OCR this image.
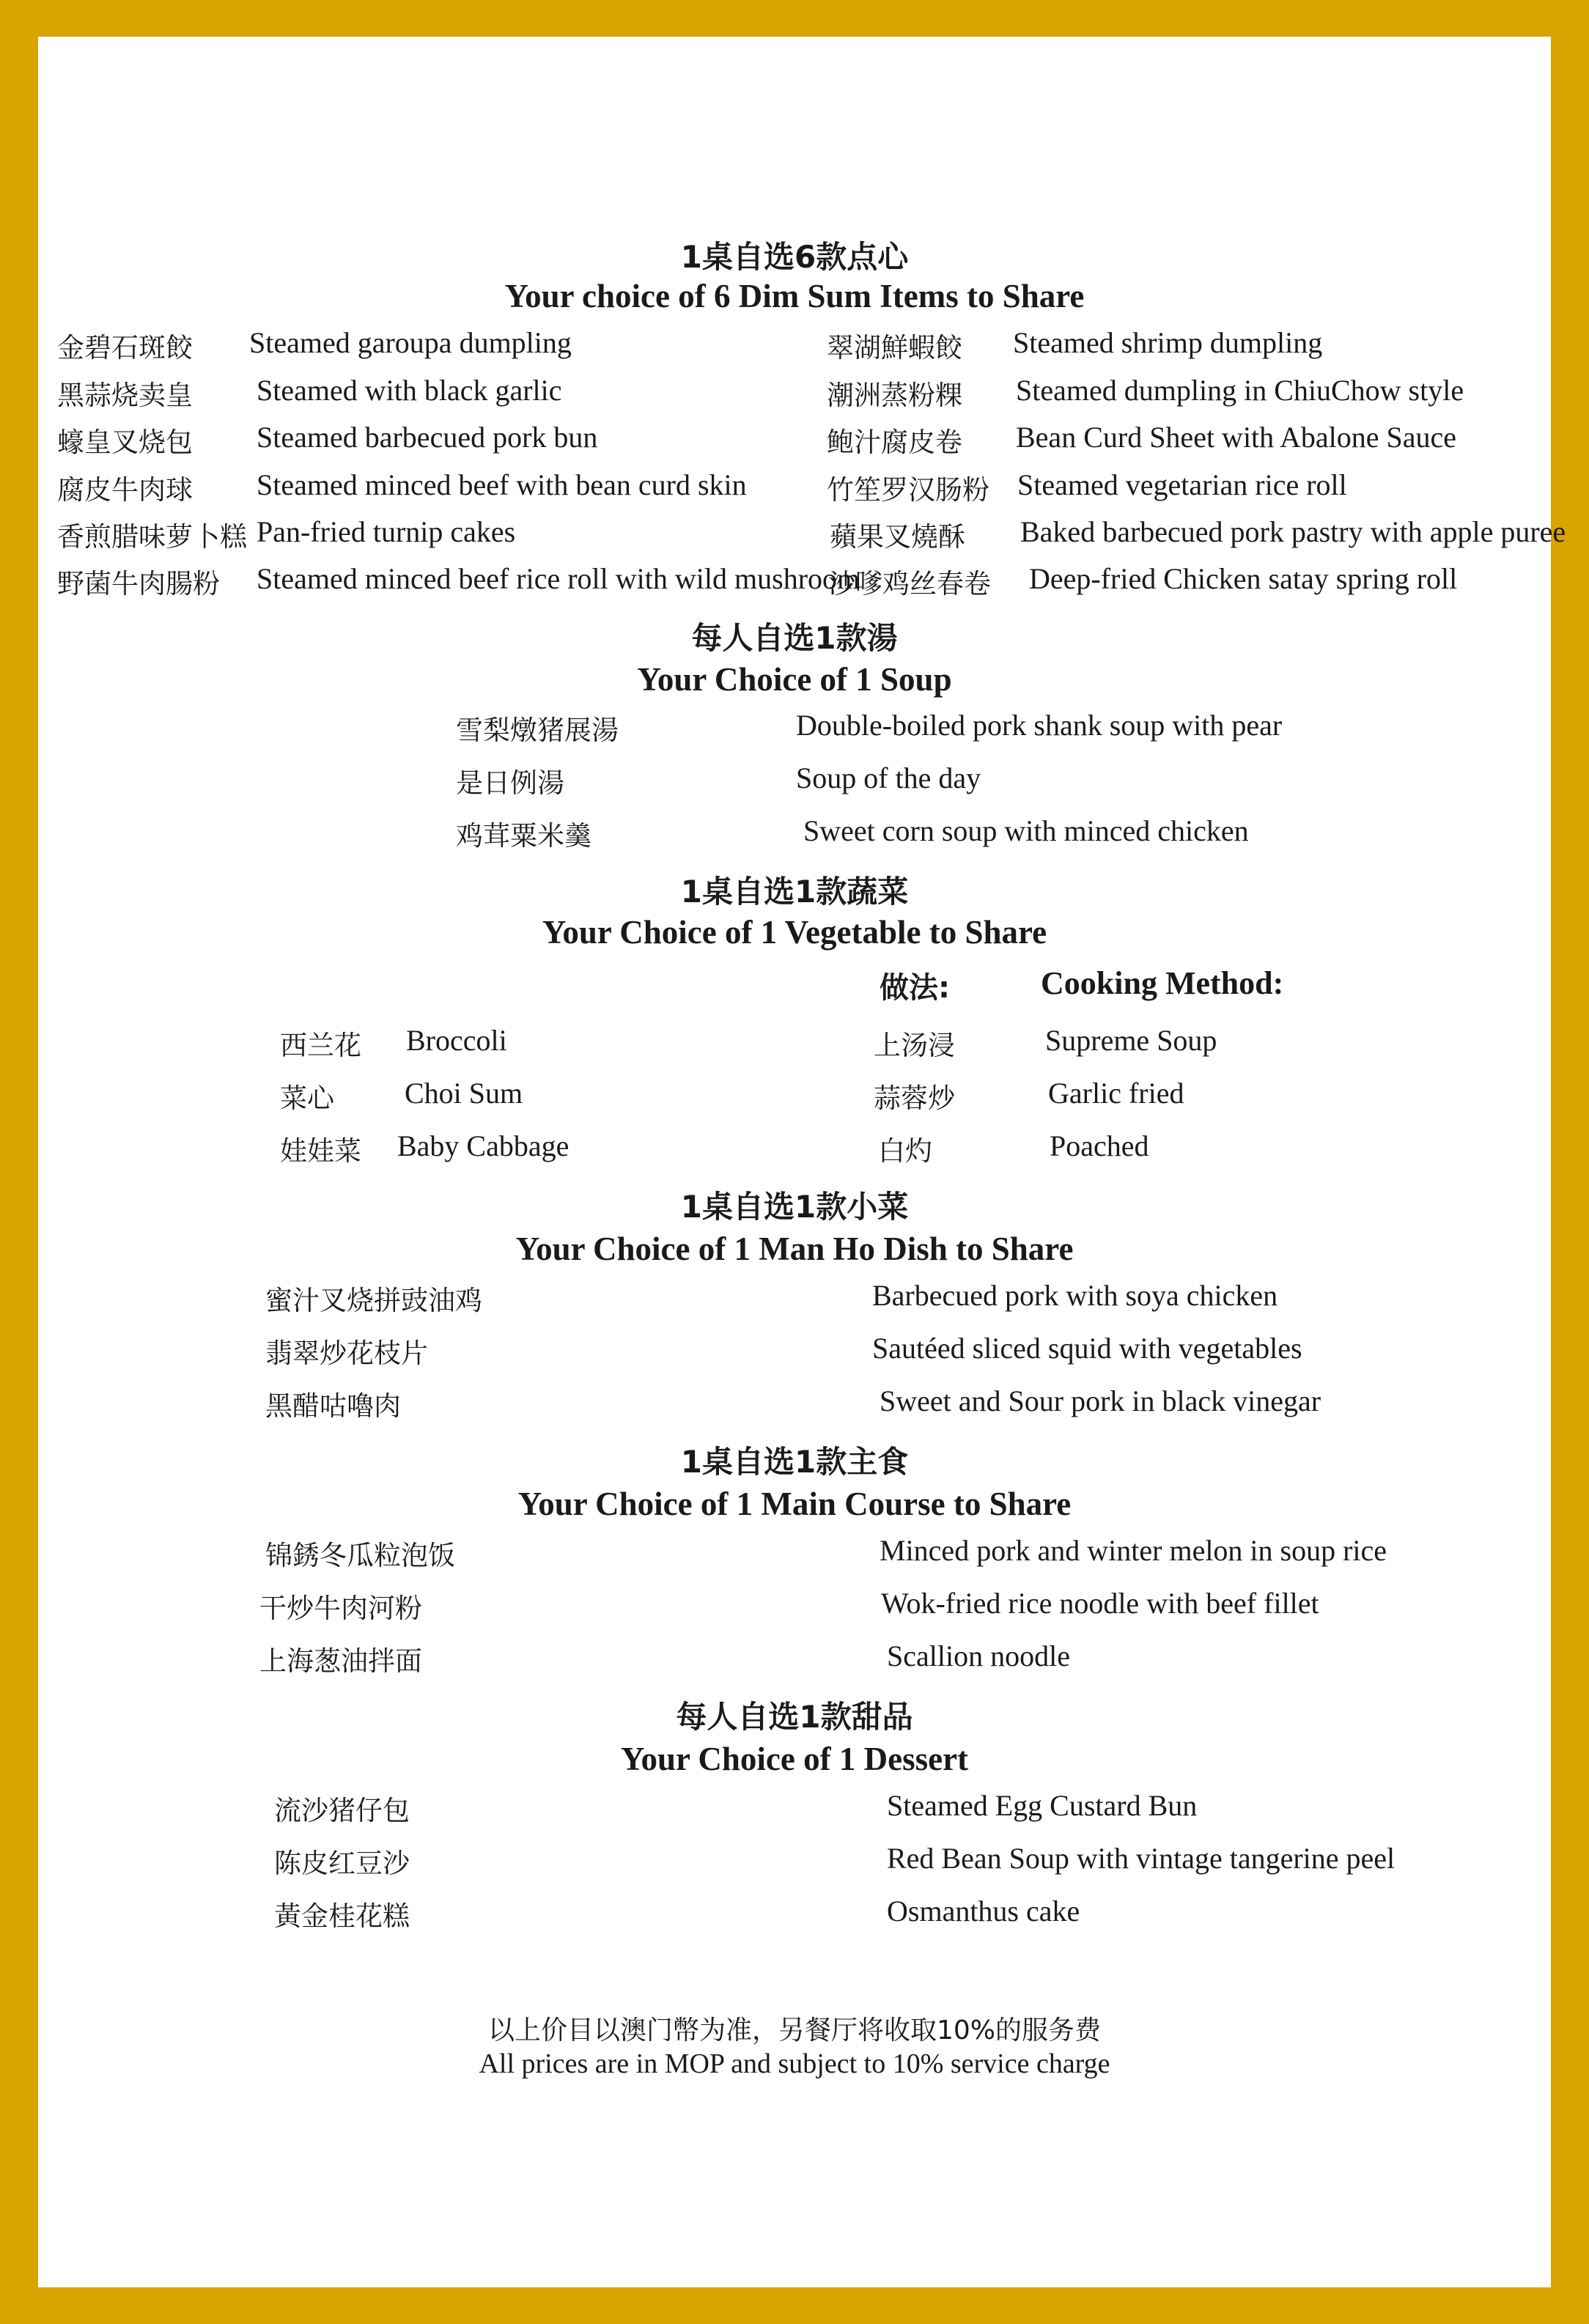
1桌自选6款点心
Your choice of 6 Dim Sum Items to Share
金碧石斑餃 Steamed garoupa dumpling
黑蒜烧卖皇 Steamed with black garlic
蠔皇叉烧包 Steamed barbecued pork bun
腐皮牛肉球 Steamed minced beef with bean curd skin
香煎腊味萝卜糕 Pan-fried turnip cakes
野菌牛肉腸粉 Steamed minced beef rice roll with wild mushroom
翠湖鮮蝦餃 Steamed shrimp dumpling
潮洲蒸粉粿 Steamed dumpling in ChiuChow style
鲍汁腐皮卷 Bean Curd Sheet with Abalone Sauce
竹笙罗汉肠粉 Steamed vegetarian rice roll
蘋果叉燒酥 Baked barbecued pork pastry with apple puree
沙嗲鸡丝春卷 Deep-fried Chicken satay spring roll
每人自选1款湯
Your Choice of 1 Soup
雪梨燉猪展湯	Double-boiled pork shank soup with pear
是日例湯	Soup of the day
鸡茸粟米羹	Sweet corn soup with minced chicken
1桌自选1款蔬菜
Your Choice of 1 Vegetable to Share
做法:	Cooking Method:
西兰花 Broccoli
菜心 Choi Sum
娃娃菜 Baby Cabbage
上汤浸	Supreme Soup
蒜蓉炒	Garlic fried
白灼	Poached
1桌自选1款小菜
Your Choice of 1 Man Ho Dish to Share
蜜汁叉烧拼豉油鸡	Barbecued pork with soya chicken
翡翠炒花枝片	Sautéed sliced squid with vegetables
黑醋咕嚕肉	Sweet and Sour pork in black vinegar
1桌自选1款主食
Your Choice of 1 Main Course to Share
锦銹冬瓜粒泡饭	Minced pork and winter melon in soup rice
干炒牛肉河粉	Wok-fried rice noodle with beef fillet
上海葱油拌面	Scallion noodle
每人自选1款甜品
Your Choice of 1 Dessert
流沙猪仔包	Steamed Egg Custard Bun
陈皮红豆沙	Red Bean Soup with vintage tangerine peel
黃金桂花糕	Osmanthus cake
以上价目以澳门幣为准，另餐厅将收取10%的服务费
All prices are in MOP and subject to 10% service charge
